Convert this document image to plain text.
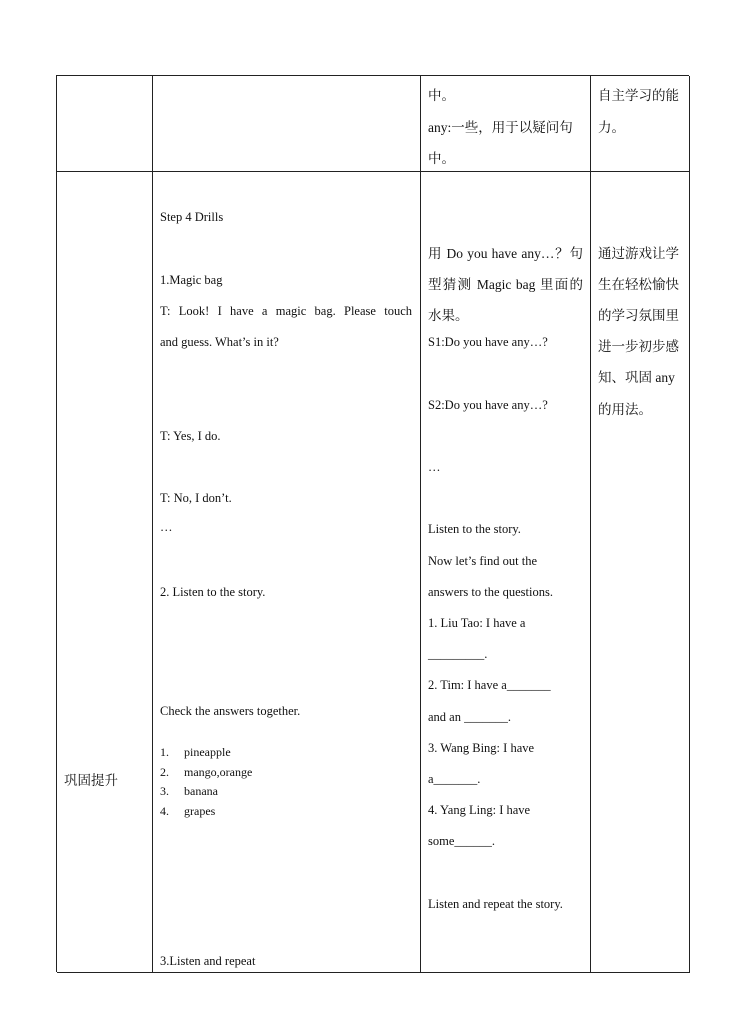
中。
any:一些，用于以疑问句
中。
自主学习的能
力。
巩固提升
Step 4 Drills
1.Magic bag
T: Look! I have a magic bag. Please touch
and guess. What’s in it?
T: Yes, I do.
T: No, I don’t.
…
2. Listen to the story.
Check the answers together.
1. pineapple
2. mango,orange
3. banana
4. grapes
3.Listen and repeat
用 Do you have any…？句
型猜测 Magic bag 里面的
水果。
S1:Do you have any…?
S2:Do you have any…?
…
Listen to the story.
Now let’s find out the
answers to the questions.
1. Liu Tao: I have a
_________.
2. Tim: I have a_______
and an _______.
3. Wang Bing: I have
a_______.
4. Yang Ling: I have
some______.
Listen and repeat the story.
通过游戏让学
生在轻松愉快
的学习氛围里
进一步初步感
知、巩固 any
的用法。
